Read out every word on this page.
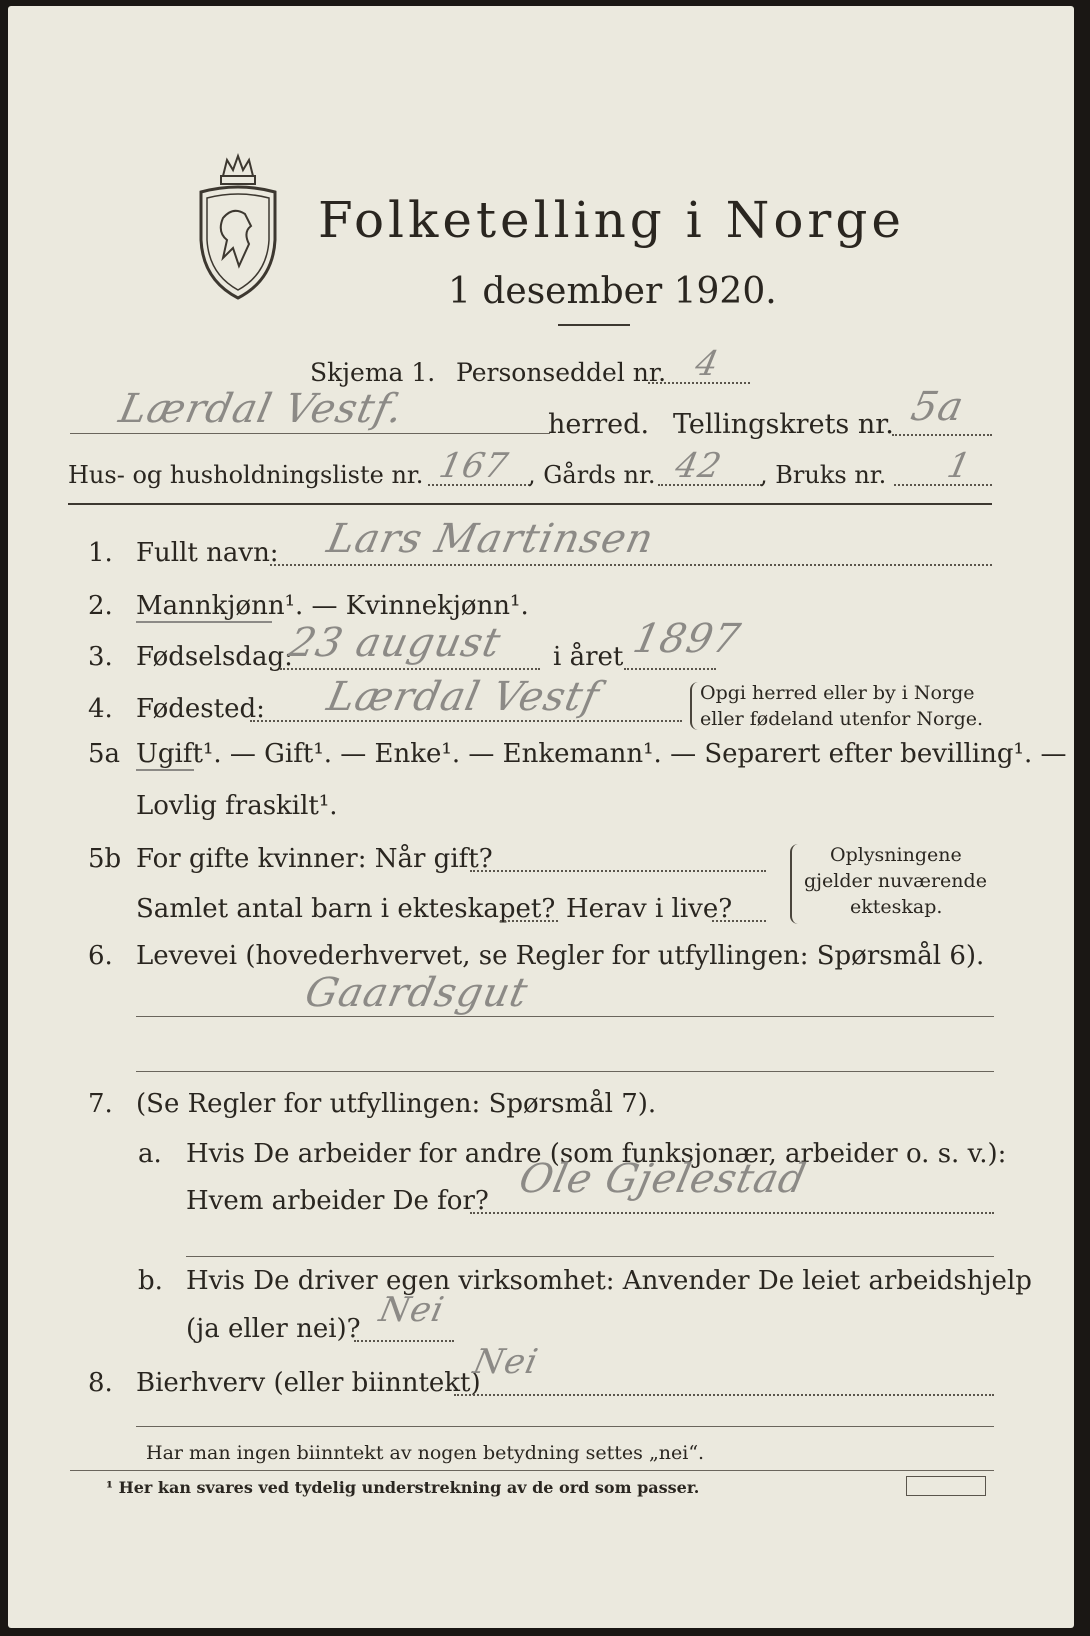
Folketelling i Norge
1 desember 1920.
Skjema 1. Personseddel nr. 4
Lærdal Vestf.	herred. Tellingskrets nr. 5a
Hus- og husholdningsliste nr. 167 , Gårds nr. 42 , Bruks nr. 1
1. Fullt navn: Lars Martinsen
2. Mannkjønn¹. — Kvinnekjønn¹.
3. Fødselsdag:
23 august i året 1897
4. Fødested: Lærdal Vestf	Opgi herred eller by i Norge
eller fødeland utenfor Norge.
5a Ugift¹. — Gift¹. — Enke¹. — Enkemann¹. — Separert efter bevilling¹. —
Lovlig fraskilt¹.
5b For gifte kvinner: Når gift?
Samlet antal barn i ekteskapet? Herav i live?
Oplysningene
gjelder nuværende
ekteskap.
6. Levevei (hovederhvervet, se Regler for utfyllingen: Spørsmål 6).
Gaardsgut
7. (Se Regler for utfyllingen: Spørsmål 7).
a. Hvis De arbeider for andre (som funksjonær, arbeider o. s. v.):
Hvem arbeider De for? Ole Gjelestad
b. Hvis De driver egen virksomhet: Anvender De leiet arbeidshjelp
(ja eller nei)? Nei
8. Bierhverv (eller biinntekt)
Nei
Har man ingen biinntekt av nogen betydning settes „nei“.
¹ Her kan svares ved tydelig understrekning av de ord som passer.
